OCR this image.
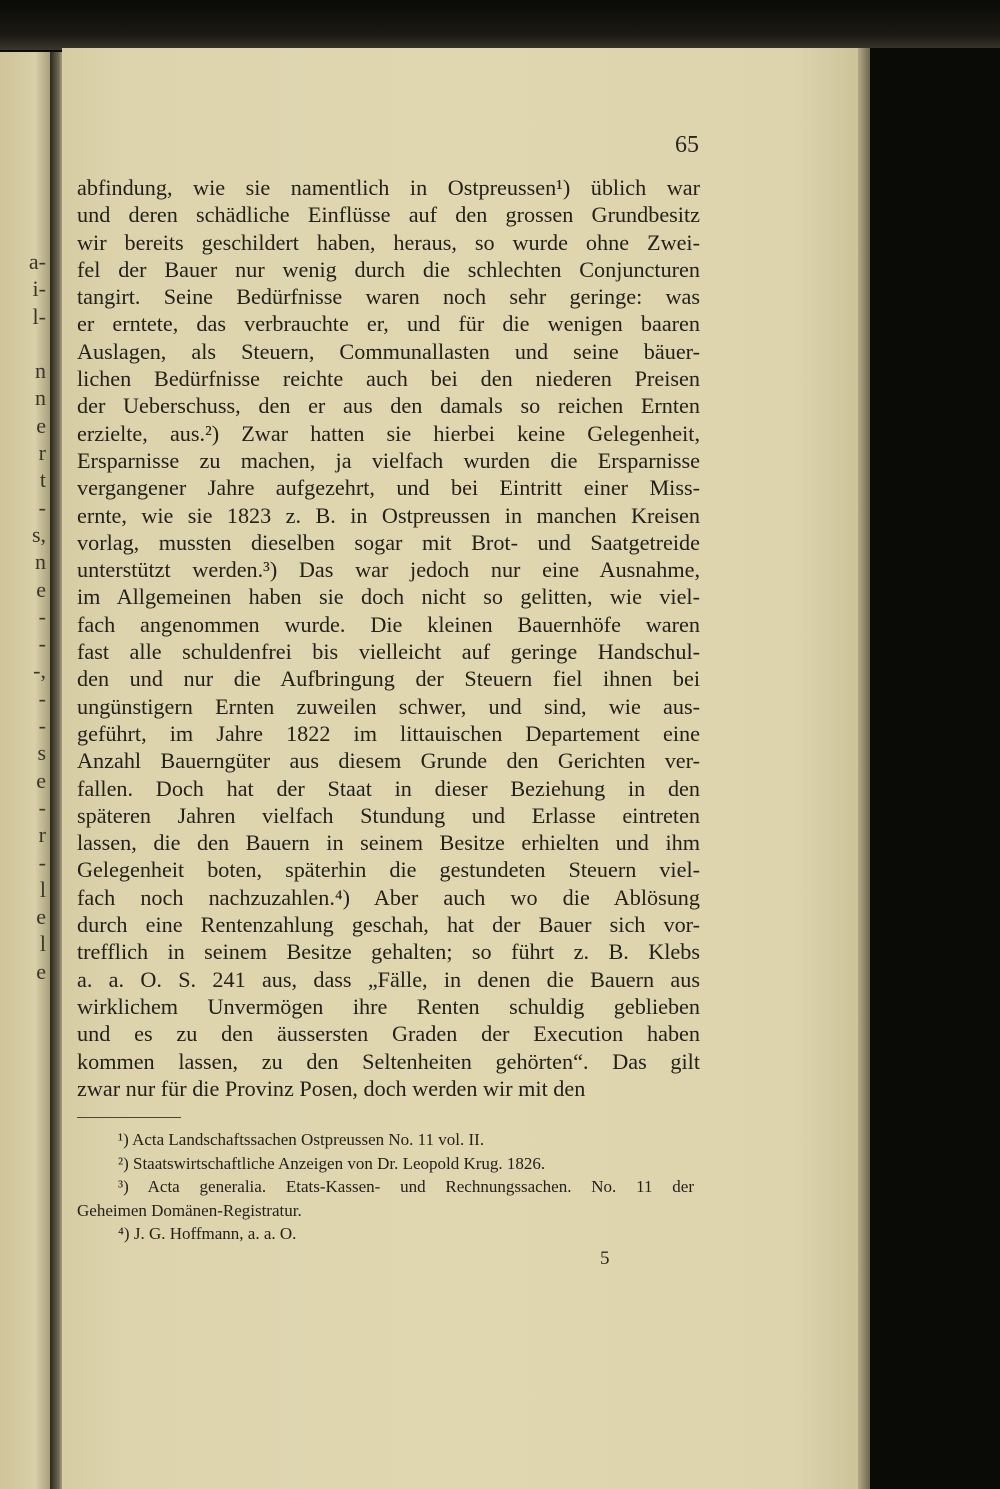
a-
i-
l-
n
n
e
r
t
-
s,
n
e
-
-
-,
-
-
s
e
-
r
-
l
e
l
e
65
abfindung, wie sie namentlich in Ostpreussen¹) üblich war
und deren schädliche Einflüsse auf den grossen Grundbesitz
wir bereits geschildert haben, heraus, so wurde ohne Zwei-
fel der Bauer nur wenig durch die schlechten Conjuncturen
tangirt. Seine Bedürfnisse waren noch sehr geringe: was
er erntete, das verbrauchte er, und für die wenigen baaren
Auslagen, als Steuern, Communallasten und seine bäuer-
lichen Bedürfnisse reichte auch bei den niederen Preisen
der Ueberschuss, den er aus den damals so reichen Ernten
erzielte, aus.²) Zwar hatten sie hierbei keine Gelegenheit,
Ersparnisse zu machen, ja vielfach wurden die Ersparnisse
vergangener Jahre aufgezehrt, und bei Eintritt einer Miss-
ernte, wie sie 1823 z. B. in Ostpreussen in manchen Kreisen
vorlag, mussten dieselben sogar mit Brot- und Saatgetreide
unterstützt werden.³) Das war jedoch nur eine Ausnahme,
im Allgemeinen haben sie doch nicht so gelitten, wie viel-
fach angenommen wurde. Die kleinen Bauernhöfe waren
fast alle schuldenfrei bis vielleicht auf geringe Handschul-
den und nur die Aufbringung der Steuern fiel ihnen bei
ungünstigern Ernten zuweilen schwer, und sind, wie aus-
geführt, im Jahre 1822 im littauischen Departement eine
Anzahl Bauerngüter aus diesem Grunde den Gerichten ver-
fallen. Doch hat der Staat in dieser Beziehung in den
späteren Jahren vielfach Stundung und Erlasse eintreten
lassen, die den Bauern in seinem Besitze erhielten und ihm
Gelegenheit boten, späterhin die gestundeten Steuern viel-
fach noch nachzuzahlen.⁴) Aber auch wo die Ablösung
durch eine Rentenzahlung geschah, hat der Bauer sich vor-
trefflich in seinem Besitze gehalten; so führt z. B. Klebs
a. a. O. S. 241 aus, dass „Fälle, in denen die Bauern aus
wirklichem Unvermögen ihre Renten schuldig geblieben
und es zu den äussersten Graden der Execution haben
kommen lassen, zu den Seltenheiten gehörten“. Das gilt
zwar nur für die Provinz Posen, doch werden wir mit den
¹) Acta Landschaftssachen Ostpreussen No. 11 vol. II.
²) Staatswirtschaftliche Anzeigen von Dr. Leopold Krug. 1826.
³) Acta generalia. Etats-Kassen- und Rechnungssachen. No. 11 der
Geheimen Domänen-Registratur.
⁴) J. G. Hoffmann, a. a. O.
5
